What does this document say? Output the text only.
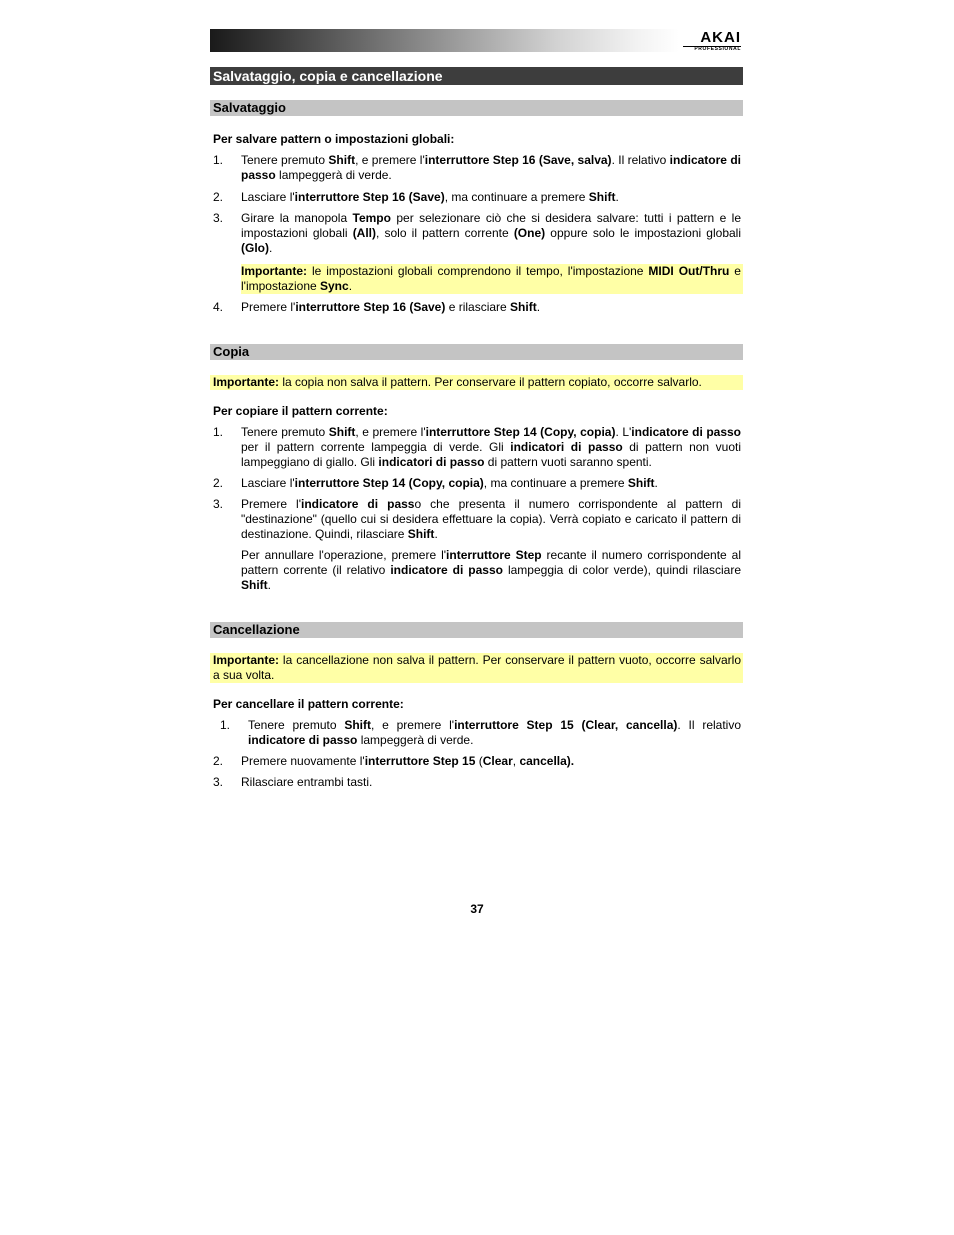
AKAI
PROFESSIONAL
Salvataggio, copia e cancellazione
Salvataggio

Per salvare pattern o impostazioni globali:

1. Tenere premuto Shift, e premere l'interruttore Step 16 (Save, salva). Il relativo indicatore di passo lampeggerà di verde.
2. Lasciare l'interruttore Step 16 (Save), ma continuare a premere Shift.
3. Girare la manopola Tempo per selezionare ciò che si desidera salvare: tutti i pattern e le impostazioni globali (All), solo il pattern corrente (One) oppure solo le impostazioni globali (Glo).
Importante: le impostazioni globali comprendono il tempo, l'impostazione MIDI Out/Thru e l'impostazione Sync.
4. Premere l'interruttore Step 16 (Save) e rilasciare Shift.
Copia
Importante: la copia non salva il pattern. Per conservare il pattern copiato, occorre salvarlo.

Per copiare il pattern corrente:

1. Tenere premuto Shift, e premere l'interruttore Step 14 (Copy, copia). L'indicatore di passo per il pattern corrente lampeggia di verde. Gli indicatori di passo di pattern non vuoti lampeggiano di giallo. Gli indicatori di passo di pattern vuoti saranno spenti.
2. Lasciare l'interruttore Step 14 (Copy, copia), ma continuare a premere Shift.
3. Premere l'indicatore di passo che presenta il numero corrispondente al pattern di "destinazione" (quello cui si desidera effettuare la copia). Verrà copiato e caricato il pattern di destinazione. Quindi, rilasciare Shift.

Per annullare l'operazione, premere l'interruttore Step recante il numero corrispondente al pattern corrente (il relativo indicatore di passo lampeggia di color verde), quindi rilasciare Shift.

Cancellazione
Importante: la cancellazione non salva il pattern. Per conservare il pattern vuoto, occorre salvarlo a sua volta.

Per cancellare il pattern corrente:

1. Tenere premuto Shift, e premere l'interruttore Step 15 (Clear, cancella). Il relativo indicatore di passo lampeggerà di verde.
2. Premere nuovamente l'interruttore Step 15 (Clear, cancella).
3. Rilasciare entrambi tasti.
37
